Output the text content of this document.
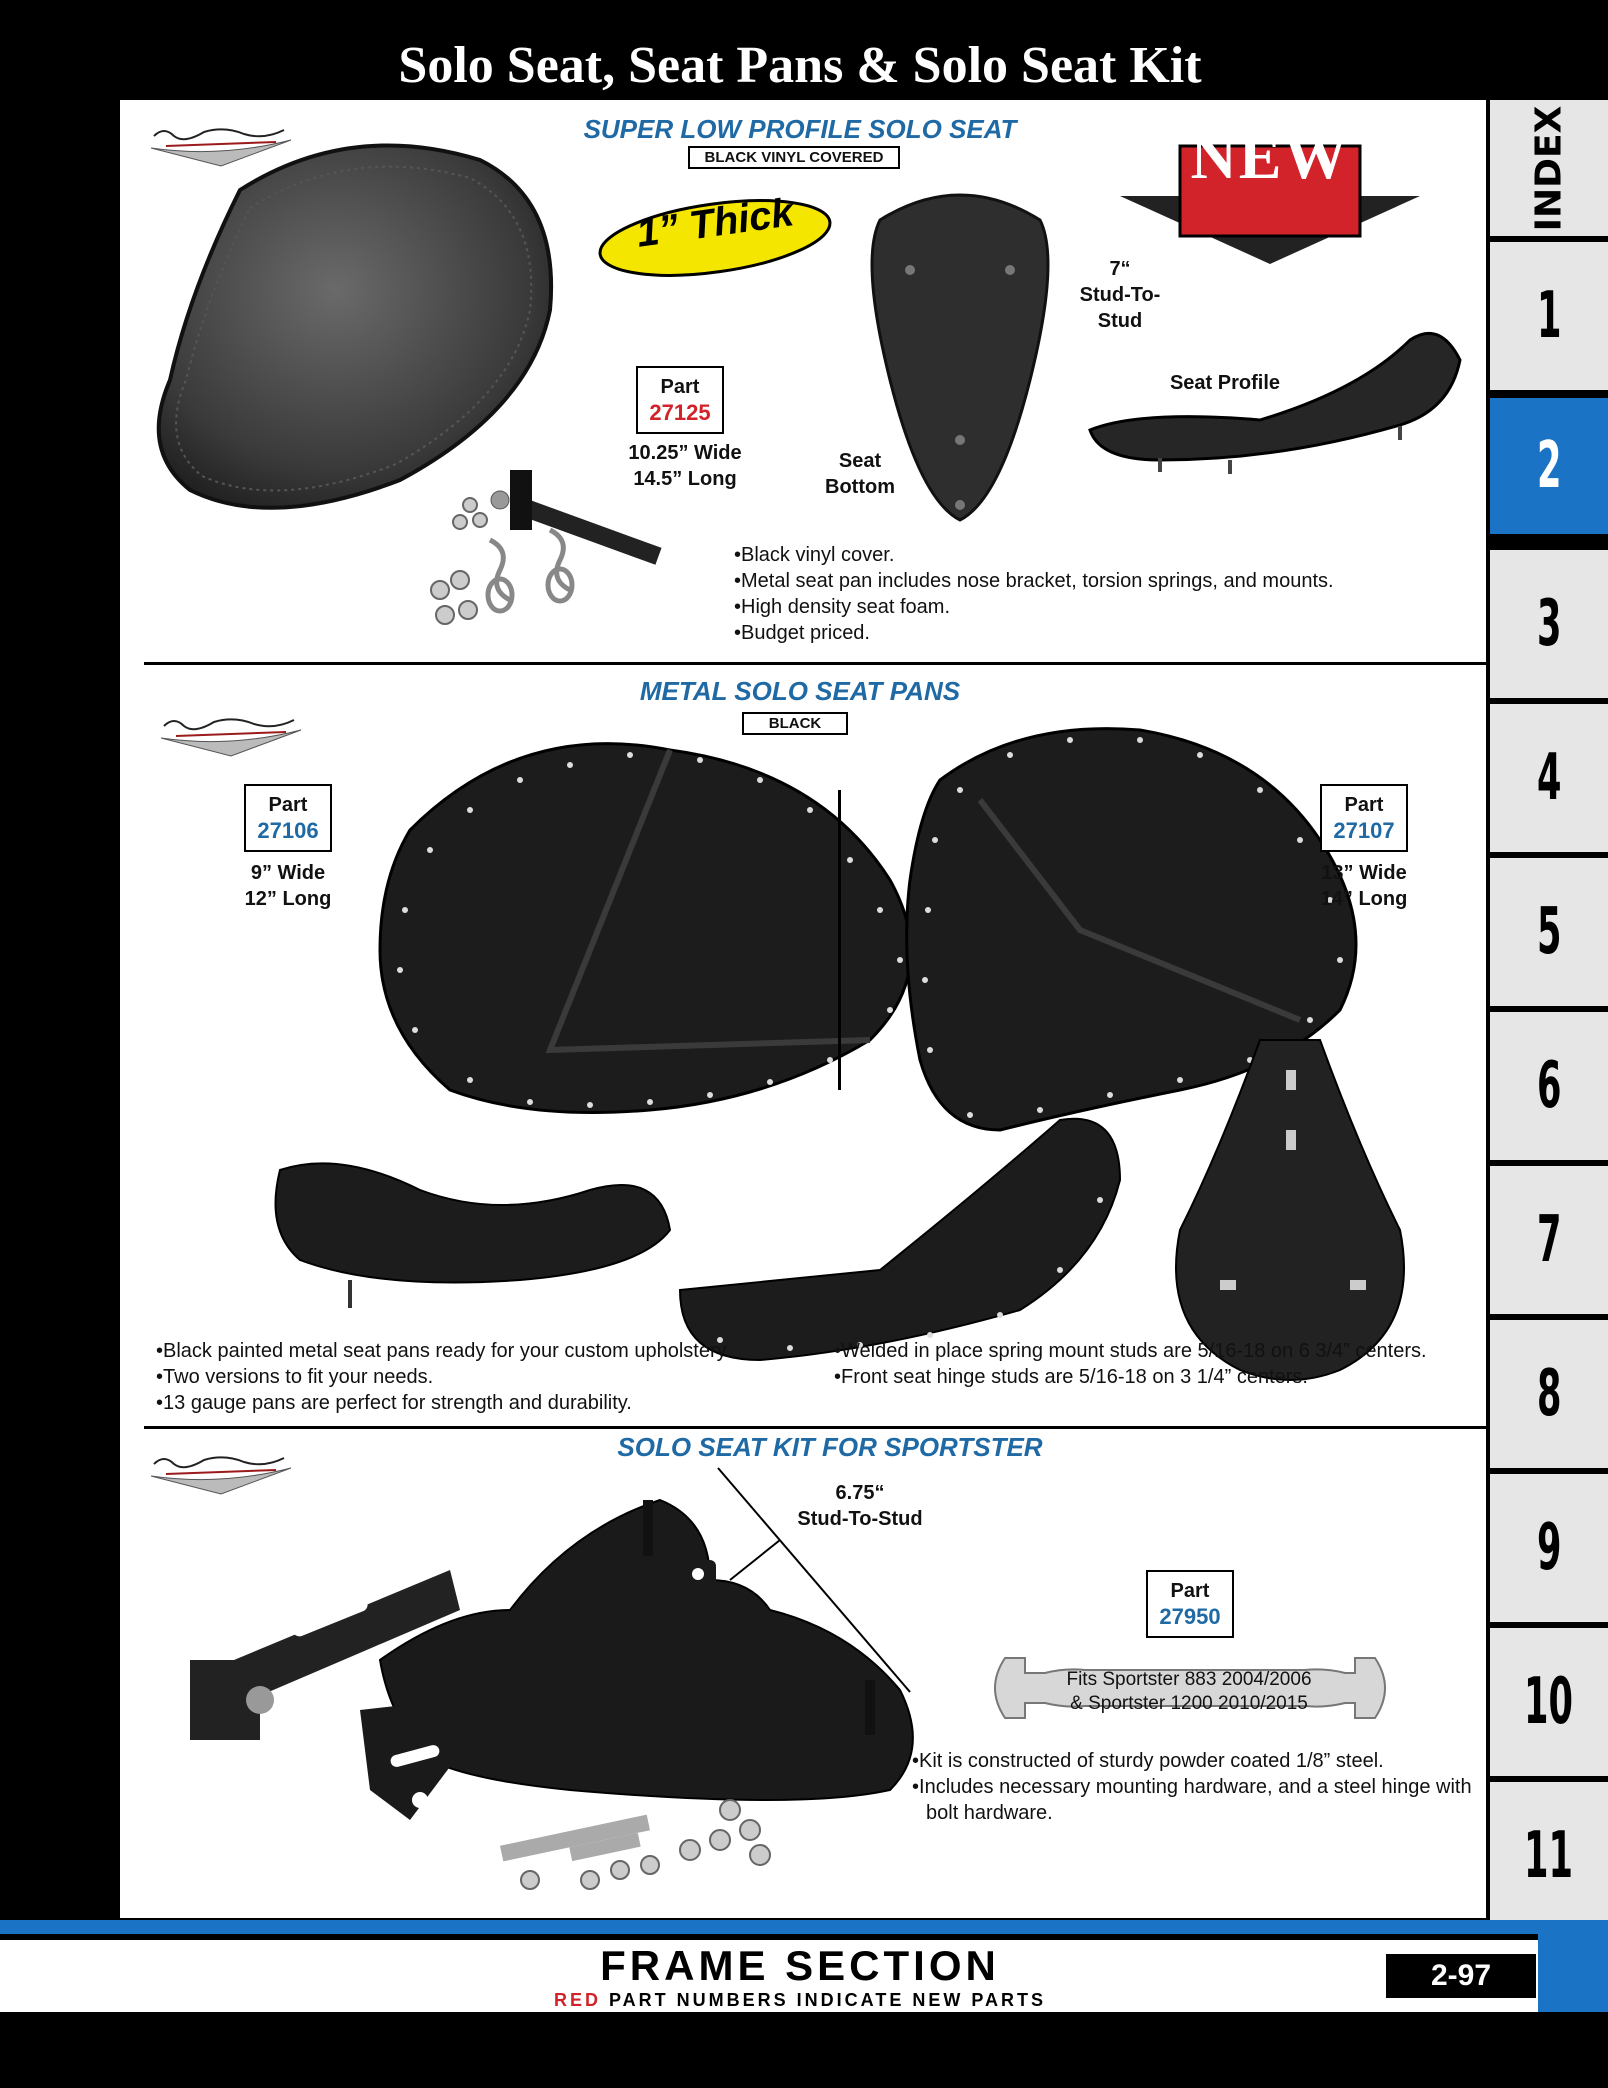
Solo Seat, Seat Pans & Solo Seat Kit
SUPER LOW PROFILE SOLO SEAT
BLACK VINYL COVERED
1” Thick
NEW
7“
Stud-To-Stud
Seat Profile
Seat
Bottom
Part
27125
10.25” Wide
14.5” Long
• Black vinyl cover.
• Metal seat pan includes nose bracket, torsion springs, and mounts.
• High density seat foam.
• Budget priced.
METAL SOLO SEAT PANS
BLACK
Part
27106
9” Wide
12” Long
Part
27107
13” Wide
14” Long
• Black painted metal seat pans ready for your custom upholstery.
• Two versions to fit your needs.
• 13 gauge pans are perfect for strength and durability.
• Welded in place spring mount studs are 5/16-18 on 6 3/4” centers.
• Front seat hinge studs are 5/16-18 on 3 1/4” centers.
SOLO SEAT KIT FOR SPORTSTER
6.75“
Stud-To-Stud
Part
27950
Fits Sportster 883 2004/2006
& Sportster 1200 2010/2015
• Kit is constructed of sturdy powder coated 1/8” steel.
• Includes necessary mounting hardware, and a steel hinge with bolt hardware.
INDEX
1
2
3
4
5
6
7
8
9
10
11
FRAME SECTION
RED PART NUMBERS INDICATE NEW PARTS
2-97
